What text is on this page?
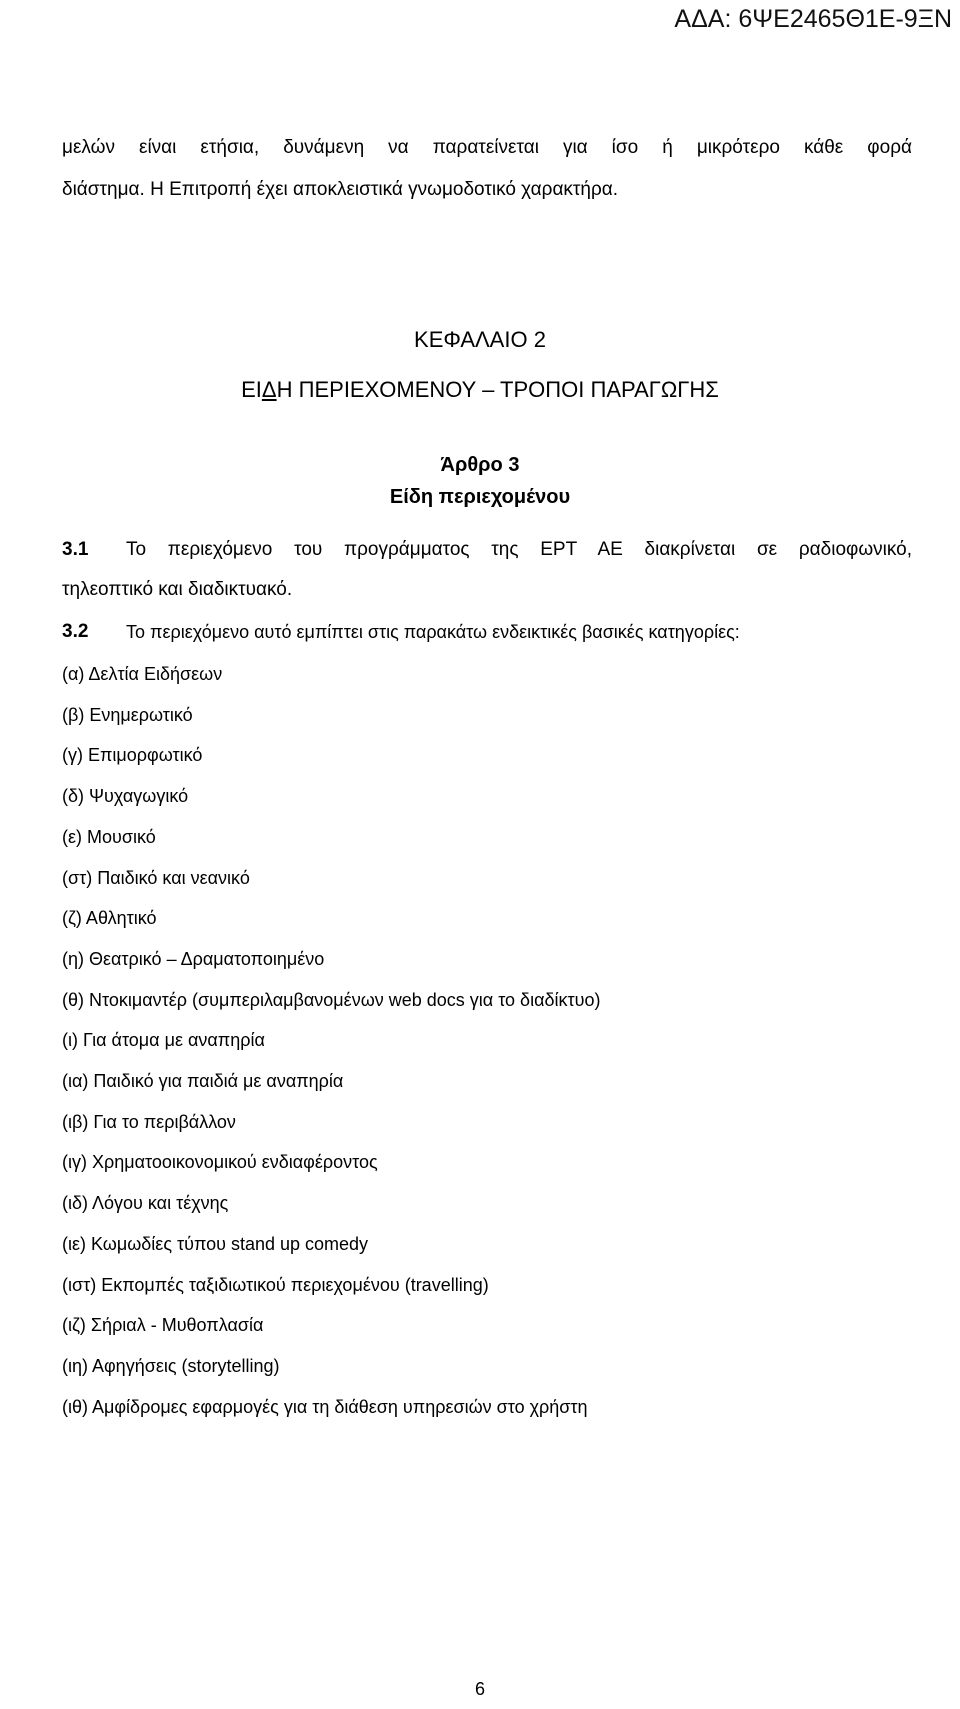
ΑΔΑ: 6ΨΕ2465Θ1Ε-9ΞΝ
μελών είναι ετήσια, δυνάμενη να παρατείνεται για ίσο ή μικρότερο κάθε φορά
διάστημα. Η Επιτροπή έχει αποκλειστικά γνωμοδοτικό χαρακτήρα.
ΚΕΦΑΛΑΙΟ 2
ΕΙΔΗ ΠΕΡΙΕΧΟΜΕΝΟΥ – ΤΡΟΠΟΙ ΠΑΡΑΓΩΓΗΣ
Άρθρο 3
Είδη περιεχομένου
3.1 Το περιεχόμενο του προγράμματος της ΕΡΤ ΑΕ διακρίνεται σε ραδιοφωνικό,
τηλεοπτικό και διαδικτυακό.
3.2 Το περιεχόμενο αυτό εμπίπτει στις παρακάτω ενδεικτικές βασικές κατηγορίες:
(α) Δελτία Ειδήσεων
(β) Ενημερωτικό
(γ) Επιμορφωτικό
(δ) Ψυχαγωγικό
(ε) Μουσικό
(στ) Παιδικό και νεανικό
(ζ) Αθλητικό
(η) Θεατρικό – Δραματοποιημένο
(θ) Ντοκιμαντέρ (συμπεριλαμβανομένων web docs για το διαδίκτυο)
(ι) Για άτομα με αναπηρία
(ια) Παιδικό για παιδιά με αναπηρία
(ιβ) Για το περιβάλλον
(ιγ) Χρηματοοικονομικού ενδιαφέροντος
(ιδ) Λόγου και τέχνης
(ιε) Κωμωδίες τύπου stand up comedy
(ιστ) Εκπομπές ταξιδιωτικού περιεχομένου (travelling)
(ιζ) Σήριαλ - Μυθοπλασία
(ιη) Αφηγήσεις (storytelling)
(ιθ) Αμφίδρομες εφαρμογές για τη διάθεση υπηρεσιών στο χρήστη
6
